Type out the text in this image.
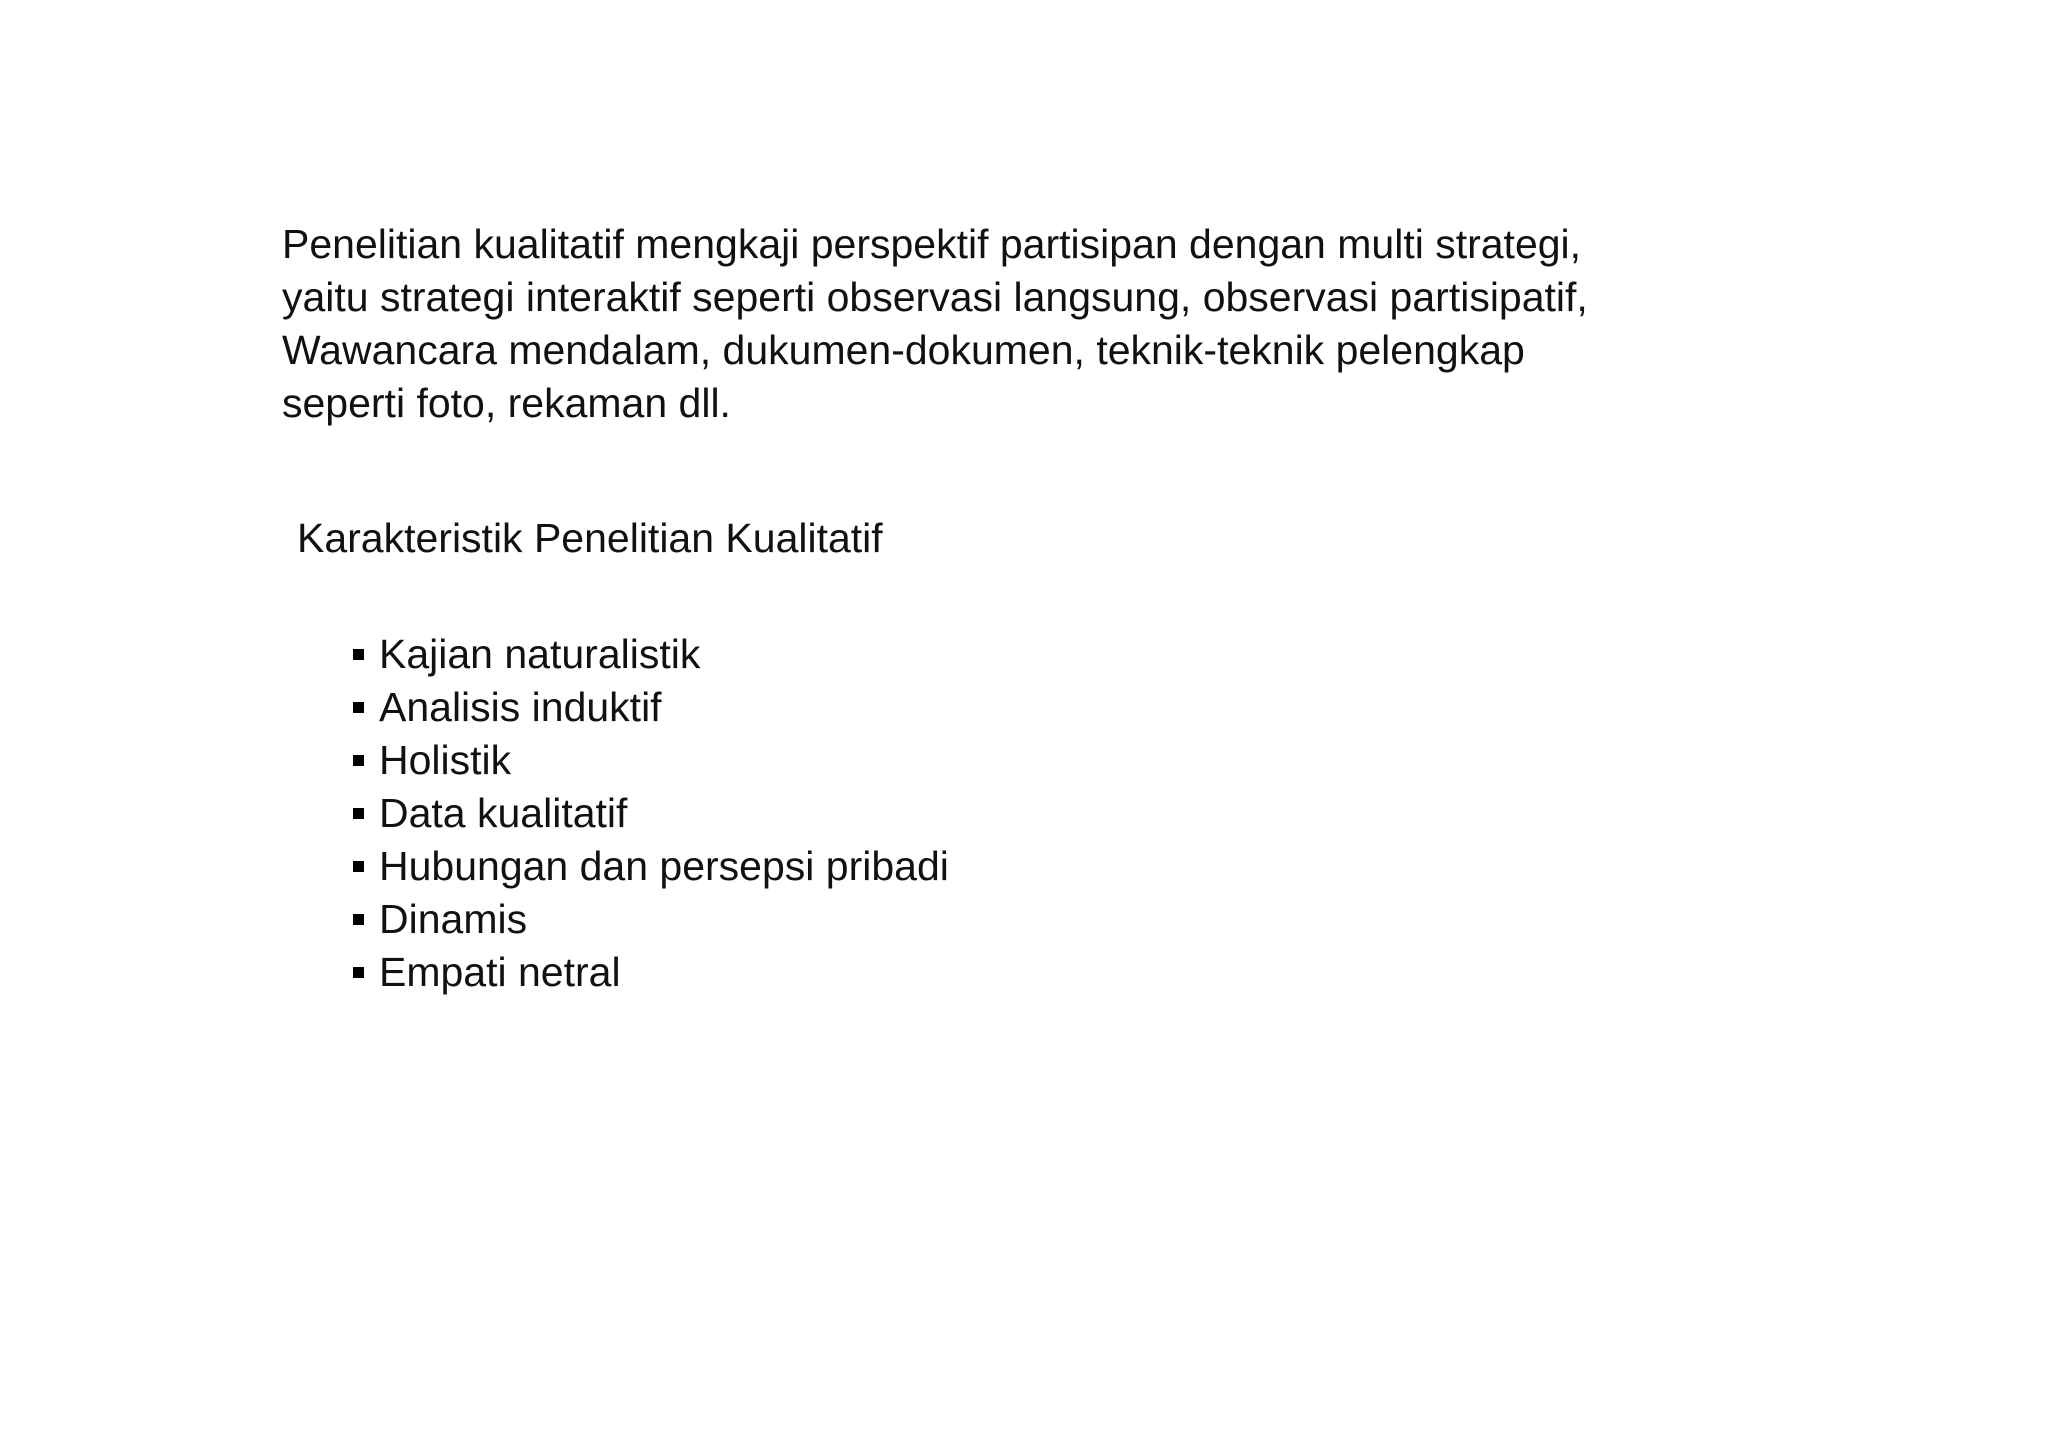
Penelitian kualitatif mengkaji perspektif partisipan dengan multi strategi,
yaitu strategi interaktif seperti observasi langsung, observasi partisipatif,
Wawancara mendalam, dukumen-dokumen, teknik-teknik pelengkap
seperti foto, rekaman dll.

Karakteristik Penelitian Kualitatif
Kajian naturalistik
Analisis induktif
Holistik
Data kualitatif
Hubungan dan persepsi pribadi
Dinamis
Empati netral
